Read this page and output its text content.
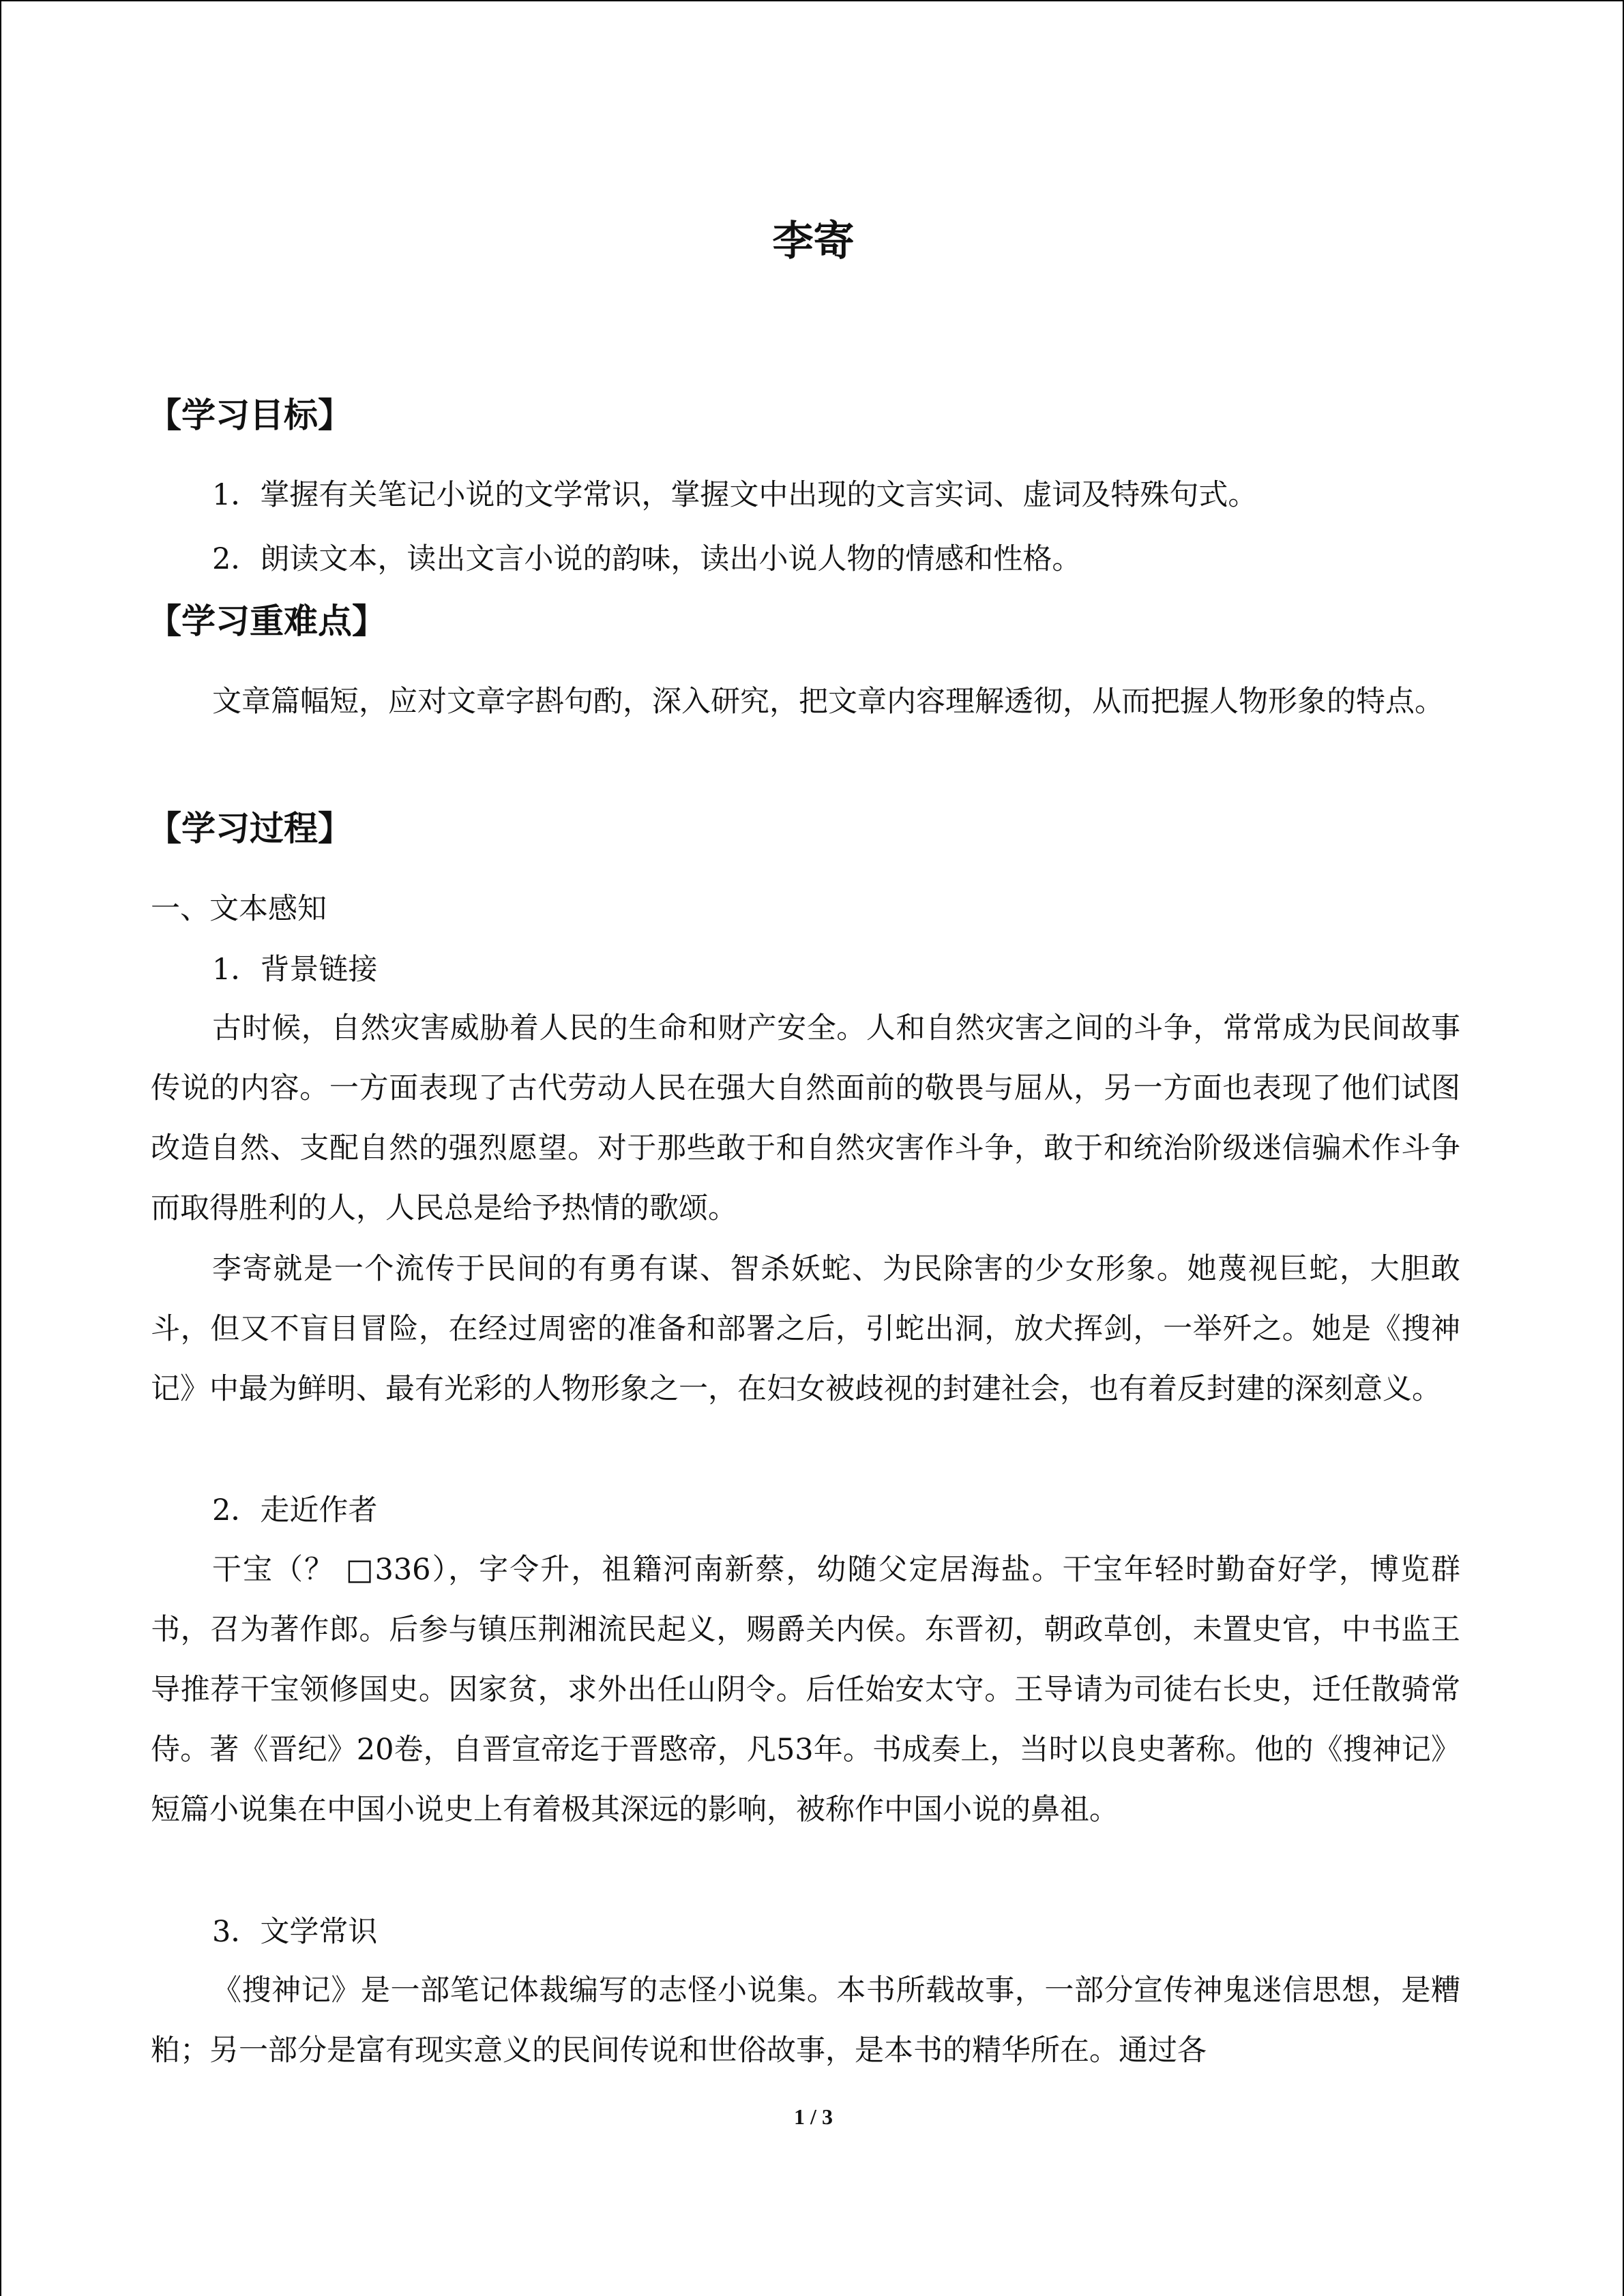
李寄
【学习目标】

1．掌握有关笔记小说的文学常识，掌握文中出现的文言实词、虚词及特殊句式。

2．朗读文本，读出文言小说的韵味，读出小说人物的情感和性格。

【学习重难点】

文章篇幅短，应对文章字斟句酌，深入研究，把文章内容理解透彻，从而把握人物形象的特点。

【学习过程】

一、文本感知

1．背景链接

古时候，自然灾害威胁着人民的生命和财产安全。人和自然灾害之间的斗争，常常成为民间故事传说的内容。一方面表现了古代劳动人民在强大自然面前的敬畏与屈从，另一方面也表现了他们试图改造自然、支配自然的强烈愿望。对于那些敢于和自然灾害作斗争，敢于和统治阶级迷信骗术作斗争而取得胜利的人，人民总是给予热情的歌颂。

李寄就是一个流传于民间的有勇有谋、智杀妖蛇、为民除害的少女形象。她蔑视巨蛇，大胆敢斗，但又不盲目冒险，在经过周密的准备和部署之后，引蛇出洞，放犬挥剑，一举歼之。她是《搜神记》中最为鲜明、最有光彩的人物形象之一，在妇女被歧视的封建社会，也有着反封建的深刻意义。

2．走近作者

干宝（？ □336），字令升，祖籍河南新蔡，幼随父定居海盐。干宝年轻时勤奋好学，博览群书，召为著作郎。后参与镇压荆湘流民起义，赐爵关内侯。东晋初，朝政草创，未置史官，中书监王导推荐干宝领修国史。因家贫，求外出任山阴令。后任始安太守。王导请为司徒右长史，迁任散骑常侍。著《晋纪》20卷，自晋宣帝迄于晋愍帝，凡53年。书成奏上，当时以良史著称。他的《搜神记》短篇小说集在中国小说史上有着极其深远的影响，被称作中国小说的鼻祖。

3．文学常识

《搜神记》是一部笔记体裁编写的志怪小说集。本书所载故事，一部分宣传神鬼迷信思想，是糟粕；另一部分是富有现实意义的民间传说和世俗故事，是本书的精华所在。通过各

1 / 3
